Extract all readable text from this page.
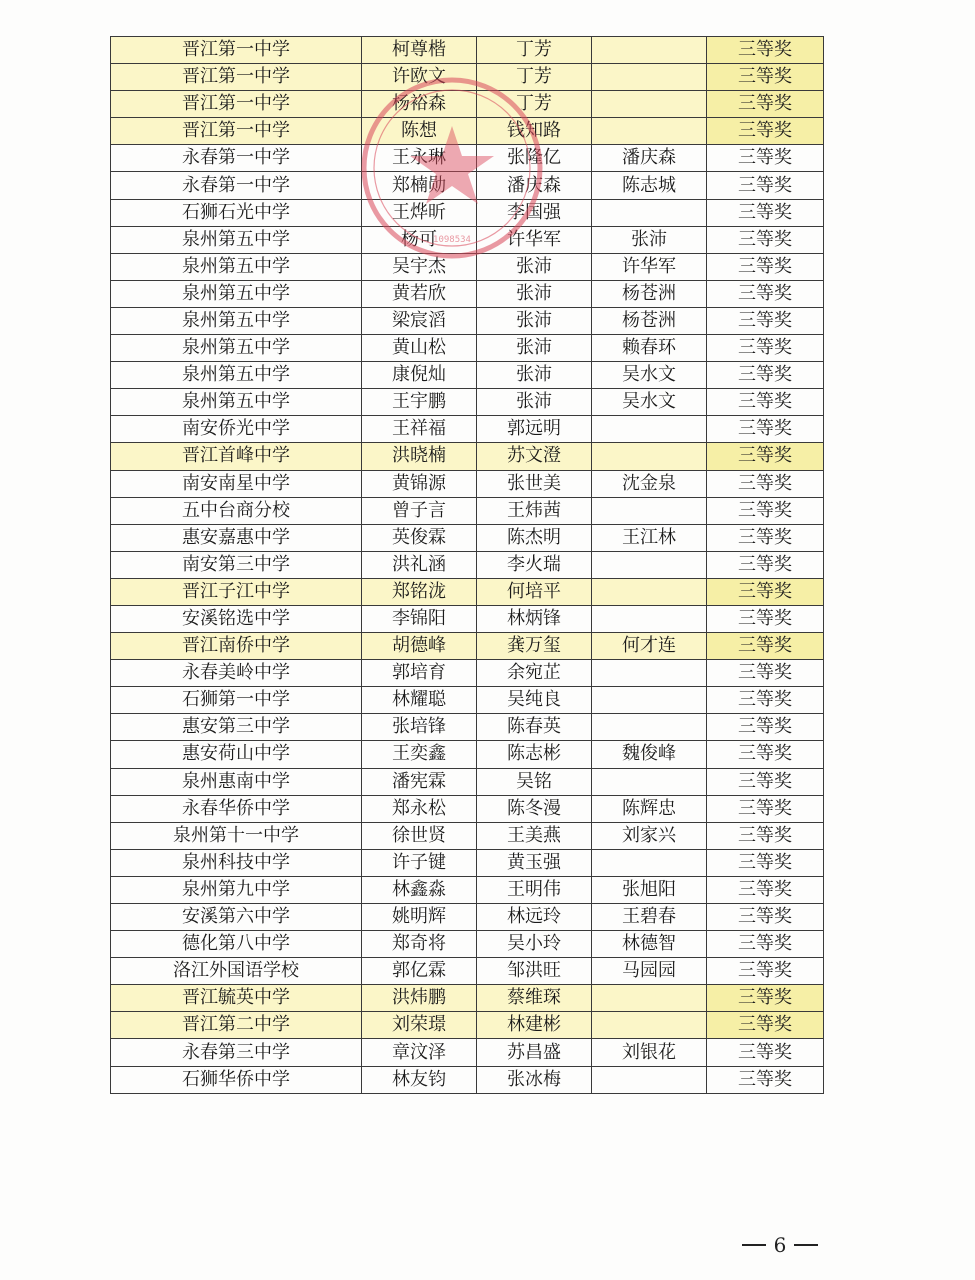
晋江第一中学	柯尊楷	丁芳		三等奖
晋江第一中学	许欧文	丁芳		三等奖
晋江第一中学	杨裕森	丁芳		三等奖
晋江第一中学	陈想	钱知路		三等奖
永春第一中学	王永琳	张隆亿	潘庆森	三等奖
永春第一中学	郑楠勋	潘庆森	陈志城	三等奖
石狮石光中学	王烨昕	李国强		三等奖
泉州第五中学	杨可	许华军	张沛	三等奖
泉州第五中学	吴宇杰	张沛	许华军	三等奖
泉州第五中学	黄若欣	张沛	杨苍洲	三等奖
泉州第五中学	梁宸滔	张沛	杨苍洲	三等奖
泉州第五中学	黄山松	张沛	赖春环	三等奖
泉州第五中学	康倪灿	张沛	吴水文	三等奖
泉州第五中学	王宇鹏	张沛	吴水文	三等奖
南安侨光中学	王祥福	郭远明		三等奖
晋江首峰中学	洪晓楠	苏文澄		三等奖
南安南星中学	黄锦源	张世美	沈金泉	三等奖
五中台商分校	曾子言	王炜茜		三等奖
惠安嘉惠中学	英俊霖	陈杰明	王江林	三等奖
南安第三中学	洪礼涵	李火瑞		三等奖
晋江子江中学	郑铭泷	何培平		三等奖
安溪铭选中学	李锦阳	林炳锋		三等奖
晋江南侨中学	胡德峰	龚万玺	何才连	三等奖
永春美岭中学	郭培育	余宛芷		三等奖
石狮第一中学	林耀聪	吴纯良		三等奖
惠安第三中学	张培锋	陈春英		三等奖
惠安荷山中学	王奕鑫	陈志彬	魏俊峰	三等奖
泉州惠南中学	潘宪霖	吴铭		三等奖
永春华侨中学	郑永松	陈冬漫	陈辉忠	三等奖
泉州第十一中学	徐世贤	王美燕	刘家兴	三等奖
泉州科技中学	许子键	黄玉强		三等奖
泉州第九中学	林鑫淼	王明伟	张旭阳	三等奖
安溪第六中学	姚明辉	林远玲	王碧春	三等奖
德化第八中学	郑奇将	吴小玲	林德智	三等奖
洛江外国语学校	郭亿霖	邹洪旺	马园园	三等奖
晋江毓英中学	洪炜鹏	蔡维琛		三等奖
晋江第二中学	刘荣璟	林建彬		三等奖
永春第三中学	章汶泽	苏昌盛	刘银花	三等奖
石狮华侨中学	林友钧	张冰梅		三等奖
1098534
6
